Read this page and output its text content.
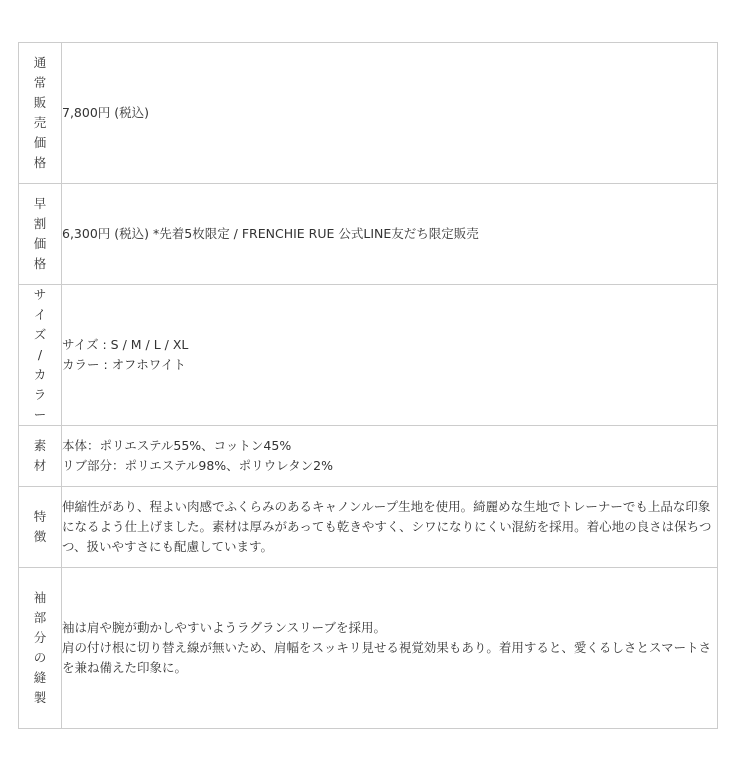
通常販売価格	7,800円 (税込)

早割価格	6,300円 (税込) *先着5枚限定 / FRENCHIE RUE 公式LINE友だち限定販売

サイズ/カラー	サイズ : S / M / L / XL
カラー : オフホワイト

素材	本体：ポリエステル55%、コットン45%
リブ部分：ポリエステル98%、ポリウレタン2%

特徴	伸縮性があり、程よい肉感でふくらみのあるキャノンループ生地を使用。綺麗めな生地でトレーナーでも上品な印象になるよう仕上げました。素材は厚みがあっても乾きやすく、シワになりにくい混紡を採用。着心地の良さは保ちつつ、扱いやすさにも配慮しています。

袖部分の縫製	袖は肩や腕が動かしやすいようラグランスリーブを採用。
肩の付け根に切り替え線が無いため、肩幅をスッキリ見せる視覚効果もあり。着用すると、愛くるしさとスマートさを兼ね備えた印象に。
